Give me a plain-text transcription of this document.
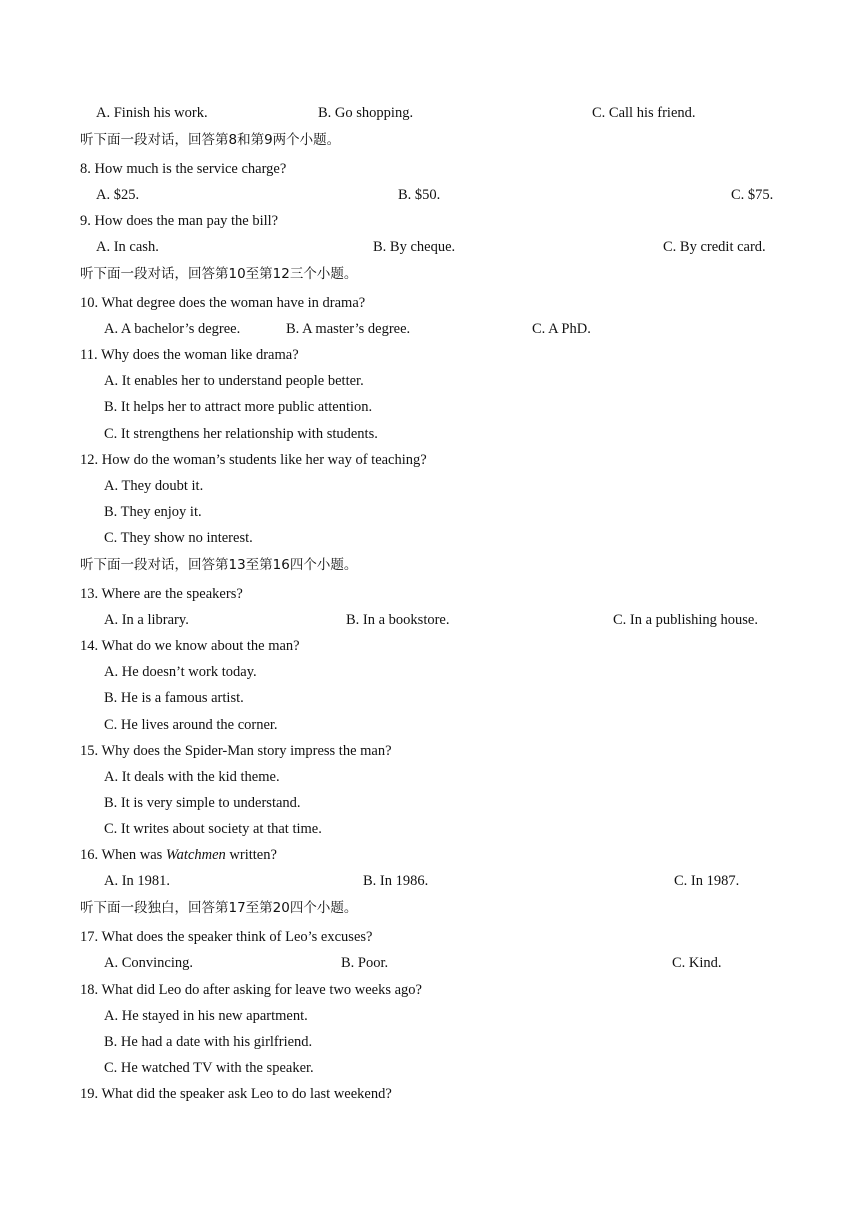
A. Finish his work.	B. Go shopping.	C. Call his friend.
听下面一段对话，回答第8和第9两个小题。
8. How much is the service charge?
A. $25.	B. $50.	C. $75.
9. How does the man pay the bill?
A. In cash.	B. By cheque.	C. By credit card.
听下面一段对话，回答第10至第12三个小题。
10. What degree does the woman have in drama?
A. A bachelor’s degree.	B. A master’s degree.	C. A PhD.
11. Why does the woman like drama?
A. It enables her to understand people better.
B. It helps her to attract more public attention.
C. It strengthens her relationship with students.
12. How do the woman’s students like her way of teaching?
A. They doubt it.
B. They enjoy it.
C. They show no interest.
听下面一段对话，回答第13至第16四个小题。
13. Where are the speakers?
A. In a library.	B. In a bookstore.	C. In a publishing house.
14. What do we know about the man?
A. He doesn’t work today.
B. He is a famous artist.
C. He lives around the corner.
15. Why does the Spider-Man story impress the man?
A. It deals with the kid theme.
B. It is very simple to understand.
C. It writes about society at that time.
16. When was Watchmen written?
A. In 1981.	B. In 1986.	C. In 1987.
听下面一段独白，回答第17至第20四个小题。
17. What does the speaker think of Leo’s excuses?
A. Convincing.	B. Poor.	C. Kind.
18. What did Leo do after asking for leave two weeks ago?
A. He stayed in his new apartment.
B. He had a date with his girlfriend.
C. He watched TV with the speaker.
19. What did the speaker ask Leo to do last weekend?
